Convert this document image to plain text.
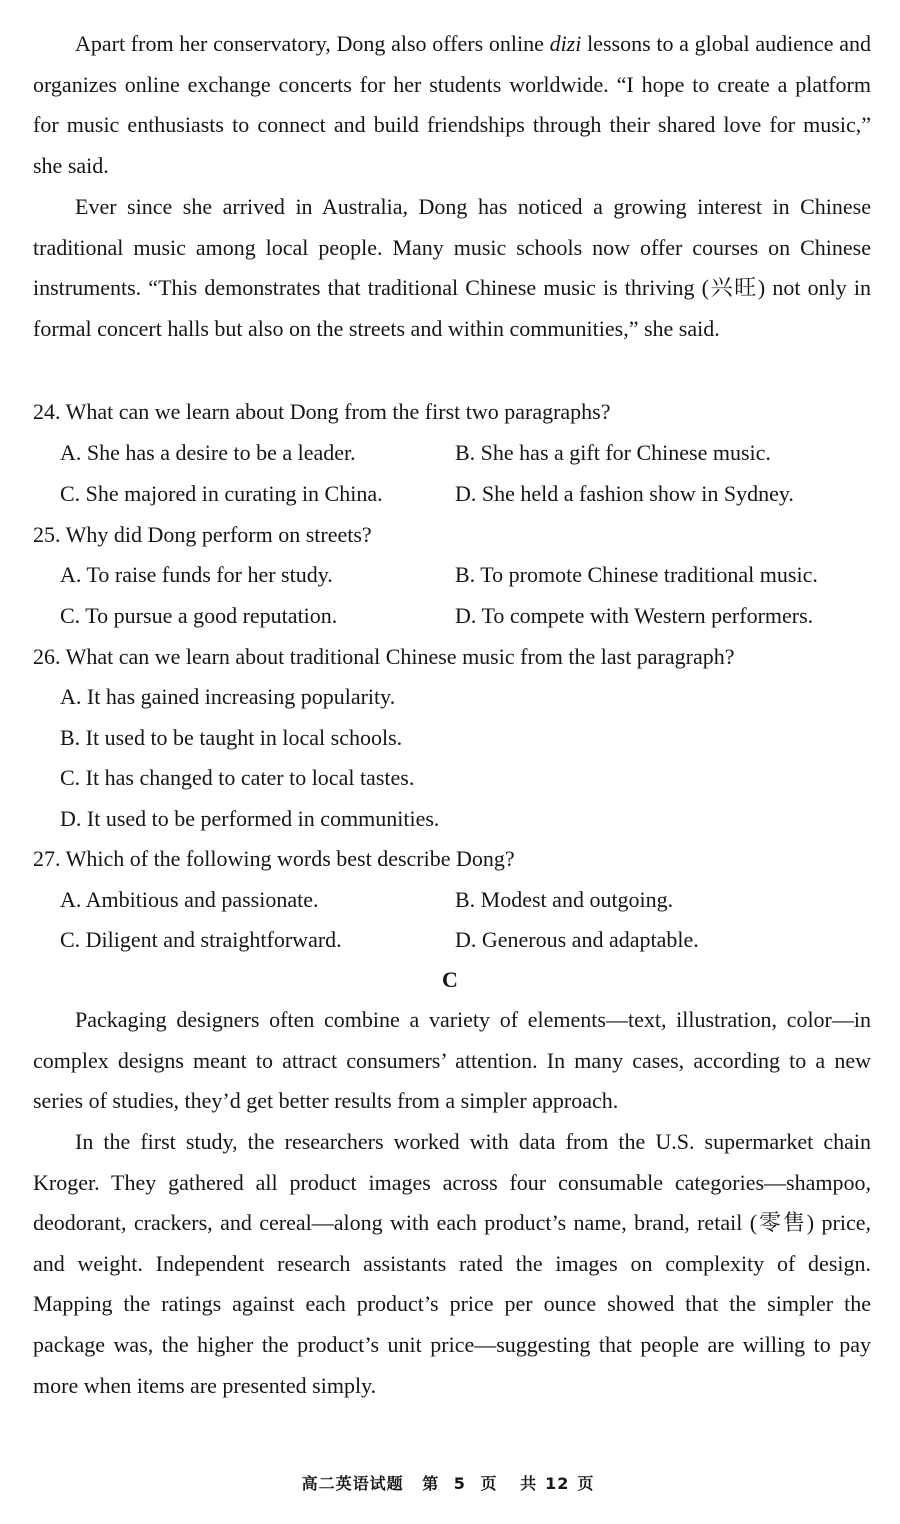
Apart from her conservatory, Dong also offers online dizi lessons to a global audience and organizes online exchange concerts for her students worldwide. “I hope to create a platform for music enthusiasts to connect and build friendships through their shared love for music,” she said.

Ever since she arrived in Australia, Dong has noticed a growing interest in Chinese traditional music among local people. Many music schools now offer courses on Chinese instruments. “This demonstrates that traditional Chinese music is thriving (兴旺) not only in formal concert halls but also on the streets and within communities,” she said.

24. What can we learn about Dong from the first two paragraphs?
A. She has a desire to be a leader.	B. She has a gift for Chinese music.
C. She majored in curating in China.	D. She held a fashion show in Sydney.
25. Why did Dong perform on streets?
A. To raise funds for her study.	B. To promote Chinese traditional music.
C. To pursue a good reputation.	D. To compete with Western performers.
26. What can we learn about traditional Chinese music from the last paragraph?
A. It has gained increasing popularity.
B. It used to be taught in local schools.
C. It has changed to cater to local tastes.
D. It used to be performed in communities.
27. Which of the following words best describe Dong?
A. Ambitious and passionate.	B. Modest and outgoing.
C. Diligent and straightforward.	D. Generous and adaptable.
C

Packaging designers often combine a variety of elements—text, illustration, color—in complex designs meant to attract consumers’ attention. In many cases, according to a new series of studies, they’d get better results from a simpler approach.

In the first study, the researchers worked with data from the U.S. supermarket chain Kroger. They gathered all product images across four consumable categories—shampoo, deodorant, crackers, and cereal—along with each product’s name, brand, retail (零售) price, and weight. Independent research assistants rated the images on complexity of design. Mapping the ratings against each product’s price per ounce showed that the simpler the package was, the higher the product’s unit price—suggesting that people are willing to pay more when items are presented simply.

高二英语试题 第 5 页 共 12 页
